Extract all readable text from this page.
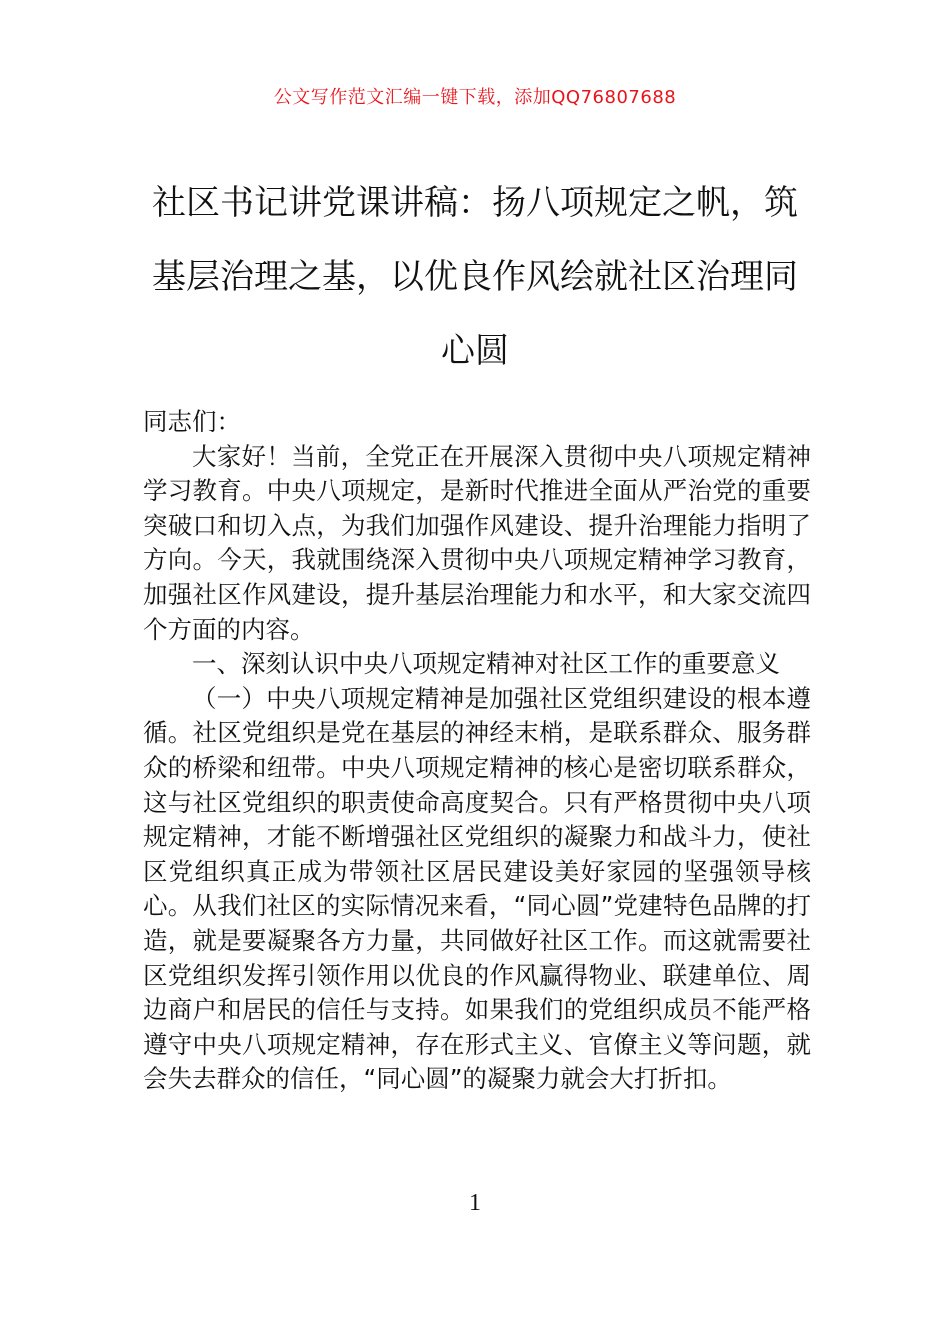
公文写作范文汇编一键下载，添加QQ76807688
社区书记讲党课讲稿：扬八项规定之帆，筑基层治理之基，以优良作风绘就社区治理同心圆

同志们：

大家好！当前，全党正在开展深入贯彻中央八项规定精神学习教育。中央八项规定，是新时代推进全面从严治党的重要突破口和切入点，为我们加强作风建设、提升治理能力指明了方向。今天，我就围绕深入贯彻中央八项规定精神学习教育，加强社区作风建设，提升基层治理能力和水平，和大家交流四个方面的内容。

一、深刻认识中央八项规定精神对社区工作的重要意义

（一）中央八项规定精神是加强社区党组织建设的根本遵循。社区党组织是党在基层的神经末梢，是联系群众、服务群众的桥梁和纽带。中央八项规定精神的核心是密切联系群众，这与社区党组织的职责使命高度契合。只有严格贯彻中央八项规定精神，才能不断增强社区党组织的凝聚力和战斗力，使社区党组织真正成为带领社区居民建设美好家园的坚强领导核心。从我们社区的实际情况来看，“同心圆”党建特色品牌的打造，就是要凝聚各方力量，共同做好社区工作。而这就需要社区党组织发挥引领作用以优良的作风赢得物业、联建单位、周边商户和居民的信任与支持。如果我们的党组织成员不能严格遵守中央八项规定精神，存在形式主义、官僚主义等问题，就会失去群众的信任，“同心圆”的凝聚力就会大打折扣。

1
